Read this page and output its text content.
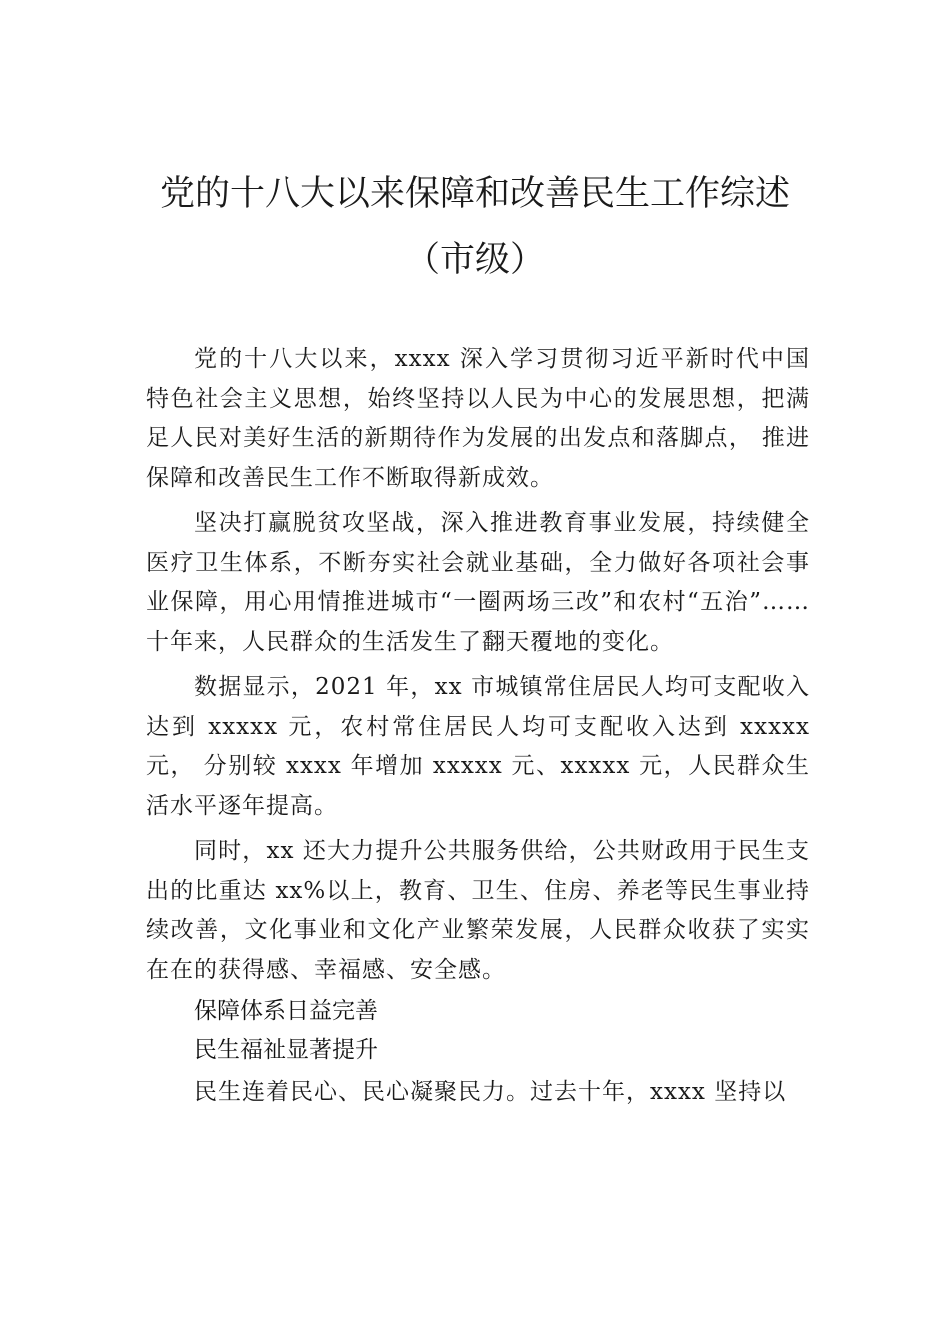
党的十八大以来保障和改善民生工作综述
（市级）

党的十八大以来，xxxx 深入学习贯彻习近平新时代中国特色社会主义思想，始终坚持以人民为中心的发展思想，把满足人民对美好生活的新期待作为发展的出发点和落脚点， 推进保障和改善民生工作不断取得新成效。

坚决打赢脱贫攻坚战，深入推进教育事业发展，持续健全医疗卫生体系，不断夯实社会就业基础，全力做好各项社会事业保障，用心用情推进城市“一圈两场三改”和农村“五治”……十年来，人民群众的生活发生了翻天覆地的变化。

数据显示，2021 年，xx 市城镇常住居民人均可支配收入达到 xxxxx 元，农村常住居民人均可支配收入达到 xxxxx 元， 分别较 xxxx 年增加 xxxxx 元、xxxxx 元，人民群众生活水平逐年提高。

同时，xx 还大力提升公共服务供给，公共财政用于民生支出的比重达 xx%以上，教育、卫生、住房、养老等民生事业持续改善，文化事业和文化产业繁荣发展，人民群众收获了实实在在的获得感、幸福感、安全感。

保障体系日益完善
民生福祉显著提升

民生连着民心、民心凝聚民力。过去十年，xxxx 坚持以
